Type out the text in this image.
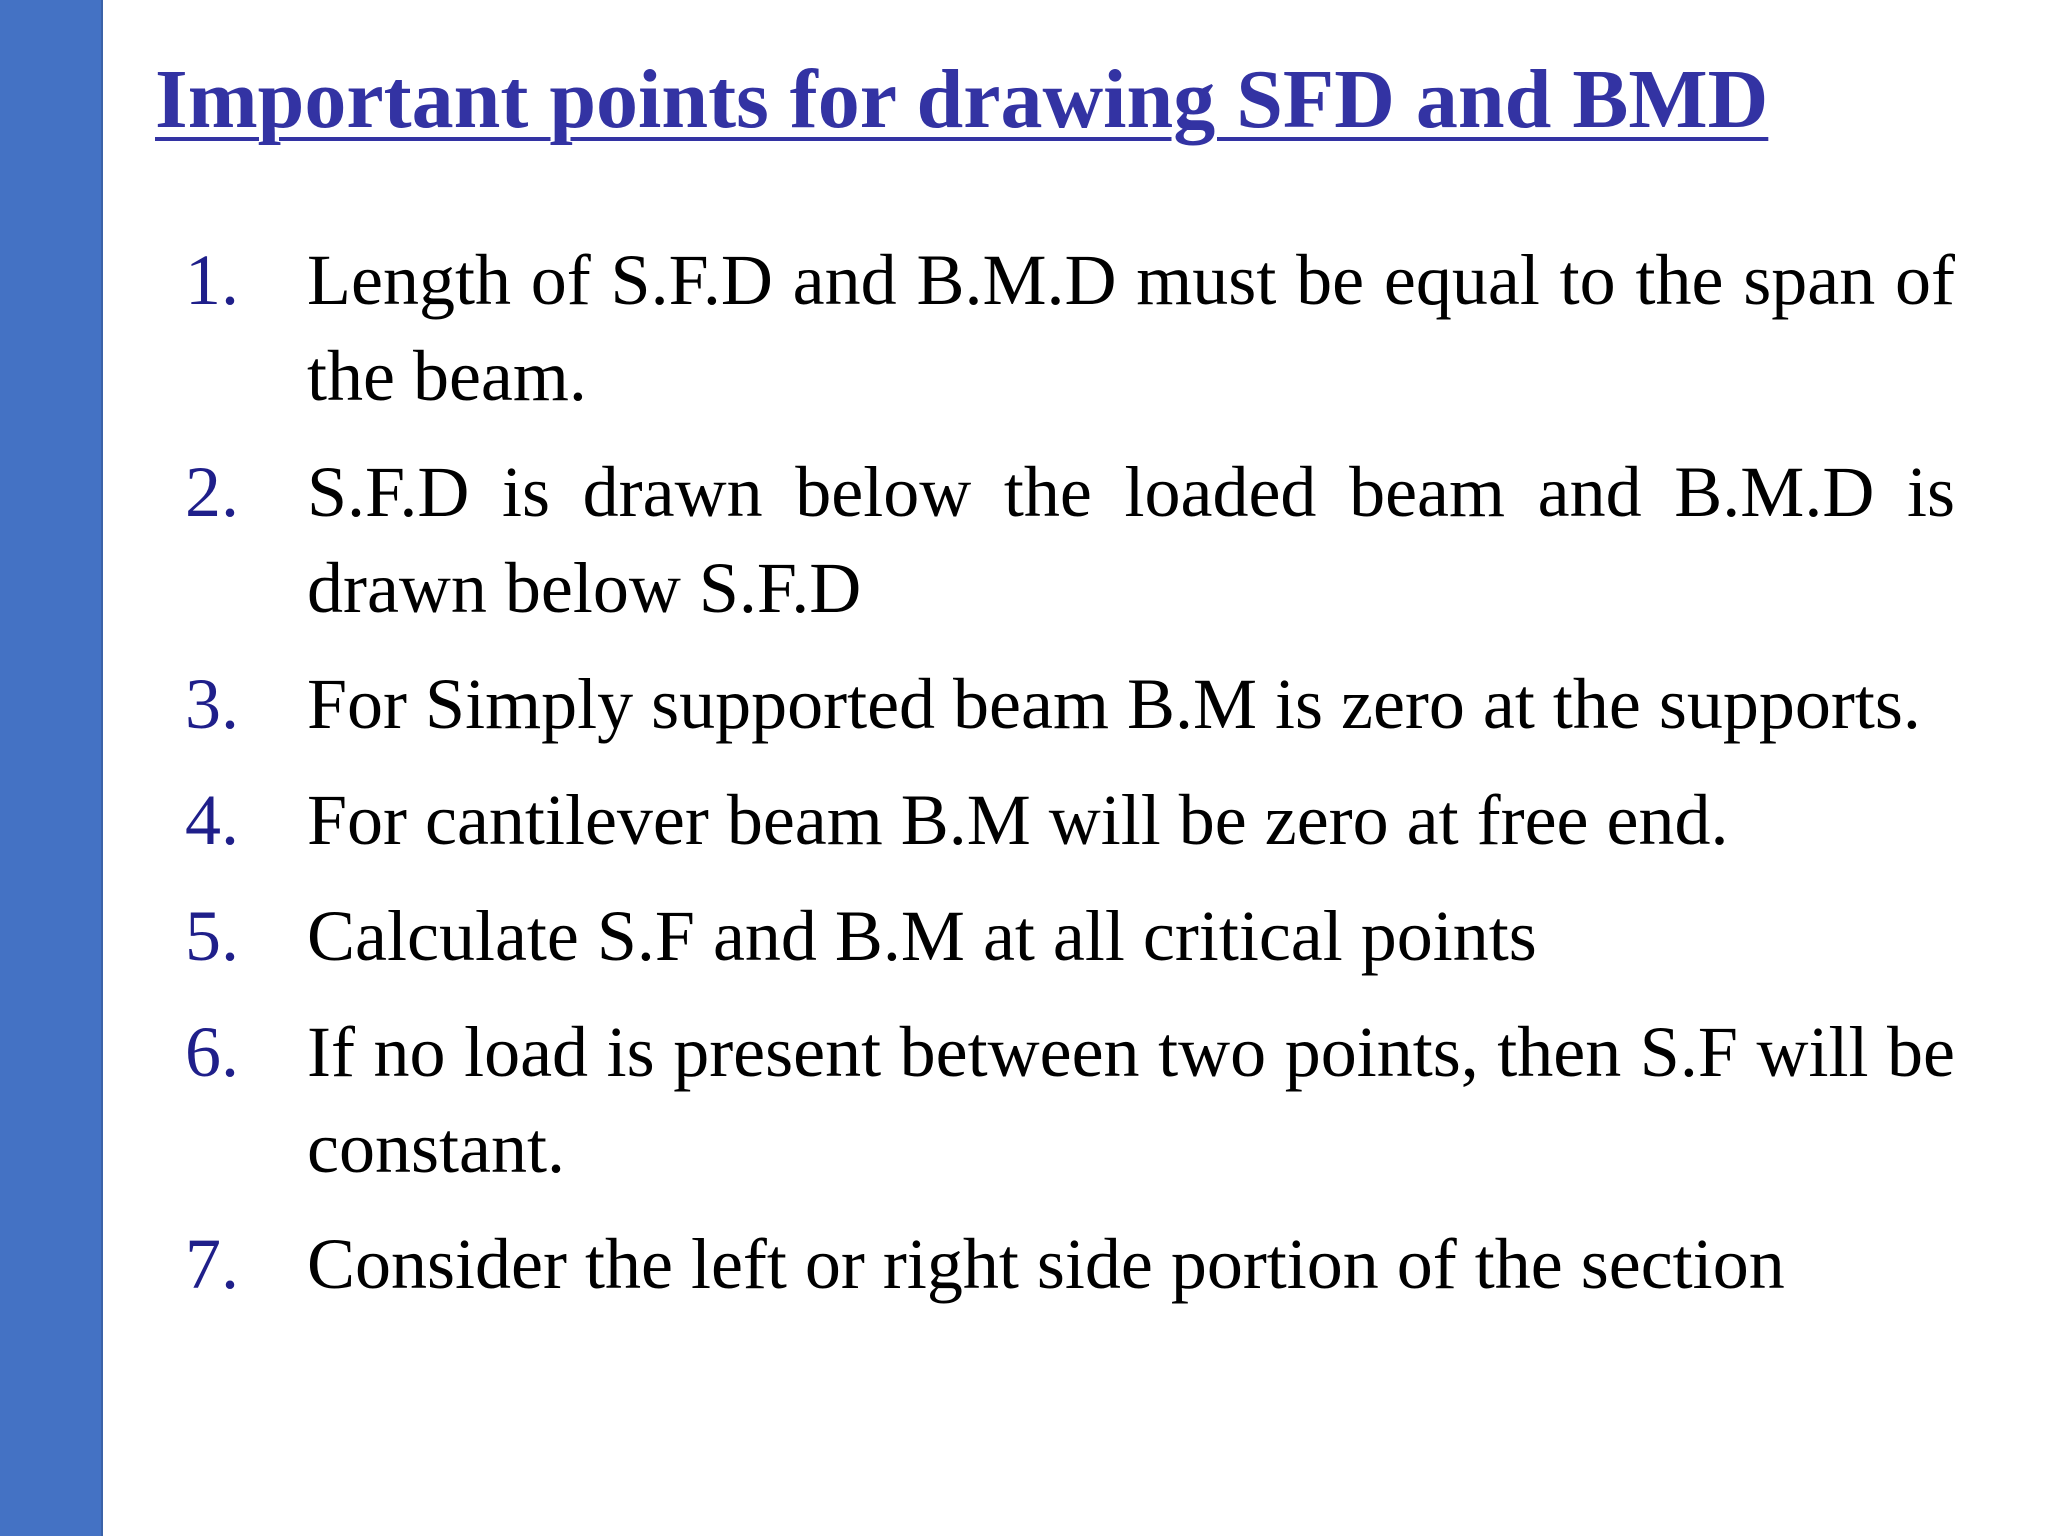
Important points for drawing SFD and BMD
1. Length of S.F.D and B.M.D must be equal to the span of the beam.
2. S.F.D is drawn below the loaded beam and B.M.D is drawn below S.F.D
3. For Simply supported beam B.M is zero at the supports.
4. For cantilever beam B.M will be zero at free end.
5. Calculate S.F and B.M at all critical points
6. If no load is present between two points, then S.F will be constant.
7. Consider the left or right side portion of the section
